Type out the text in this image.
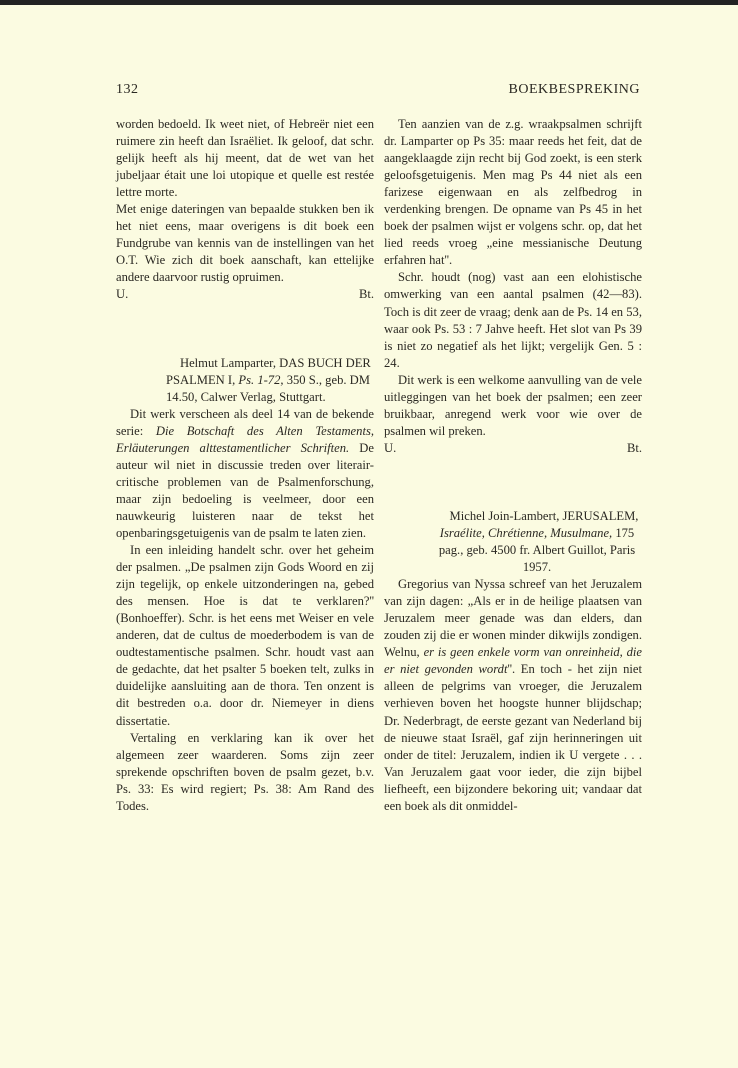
132	BOEKBESPREKING

worden bedoeld. Ik weet niet, of Hebreër niet een ruimere zin heeft dan Israëliet. Ik geloof, dat schr. gelijk heeft als hij meent, dat de wet van het jubeljaar était une loi utopique et quelle est restée lettre morte.

Met enige dateringen van bepaalde stukken ben ik het niet eens, maar overigens is dit boek een Fundgrube van kennis van de instellingen van het O.T. Wie zich dit boek aanschaft, kan ettelijke andere daarvoor rustig opruimen.

U.	Bt.

Helmut Lamparter, DAS BUCH DER PSALMEN I, Ps. 1-72, 350 S., geb. DM 14.50, Calwer Verlag, Stuttgart.

Dit werk verscheen als deel 14 van de bekende serie: Die Botschaft des Alten Testaments, Erläuterungen alttestamentlicher Schriften. De auteur wil niet in discussie treden over literair-critische problemen van de Psalmenforschung, maar zijn bedoeling is veelmeer, door een nauwkeurig luisteren naar de tekst het openbaringsgetuigenis van de psalm te laten zien.

In een inleiding handelt schr. over het geheim der psalmen. „De psalmen zijn Gods Woord en zij zijn tegelijk, op enkele uitzonderingen na, gebed des mensen. Hoe is dat te verklaren?'' (Bonhoeffer). Schr. is het eens met Weiser en vele anderen, dat de cultus de moederbodem is van de oudtestamentische psalmen. Schr. houdt vast aan de gedachte, dat het psalter 5 boeken telt, zulks in duidelijke aansluiting aan de thora. Ten onzent is dit bestreden o.a. door dr. Niemeyer in diens dissertatie.

Vertaling en verklaring kan ik over het algemeen zeer waarderen. Soms zijn zeer sprekende opschriften boven de psalm gezet, b.v. Ps. 33: Es wird regiert; Ps. 38: Am Rand des Todes.

Ten aanzien van de z.g. wraakpsalmen schrijft dr. Lamparter op Ps 35: maar reeds het feit, dat de aangeklaagde zijn recht bij God zoekt, is een sterk geloofsgetuigenis. Men mag Ps 44 niet als een farizese eigenwaan en als zelfbedrog in verdenking brengen. De opname van Ps 45 in het boek der psalmen wijst er volgens schr. op, dat het lied reeds vroeg „eine messianische Deutung erfahren hat''.

Schr. houdt (nog) vast aan een elohistische omwerking van een aantal psalmen (42—83). Toch is dit zeer de vraag; denk aan de Ps. 14 en 53, waar ook Ps. 53 : 7 Jahve heeft. Het slot van Ps 39 is niet zo negatief als het lijkt; vergelijk Gen. 5 : 24.

Dit werk is een welkome aanvulling van de vele uitleggingen van het boek der psalmen; een zeer bruikbaar, anregend werk voor wie over de psalmen wil preken.

U.	Bt.

Michel Join-Lambert, JERUSALEM, Israélite, Chrétienne, Musulmane, 175 pag., geb. 4500 fr. Albert Guillot, Paris 1957.

Gregorius van Nyssa schreef van het Jeruzalem van zijn dagen: „Als er in de heilige plaatsen van Jeruzalem meer genade was dan elders, dan zouden zij die er wonen minder dikwijls zondigen. Welnu, er is geen enkele vorm van onreinheid, die er niet gevonden wordt''. En toch - het zijn niet alleen de pelgrims van vroeger, die Jeruzalem verhieven boven het hoogste hunner blijdschap; Dr. Nederbragt, de eerste gezant van Nederland bij de nieuwe staat Israël, gaf zijn herinneringen uit onder de titel: Jeruzalem, indien ik U vergete . . . Van Jeruzalem gaat voor ieder, die zijn bijbel liefheeft, een bijzondere bekoring uit; vandaar dat een boek als dit onmiddel-
